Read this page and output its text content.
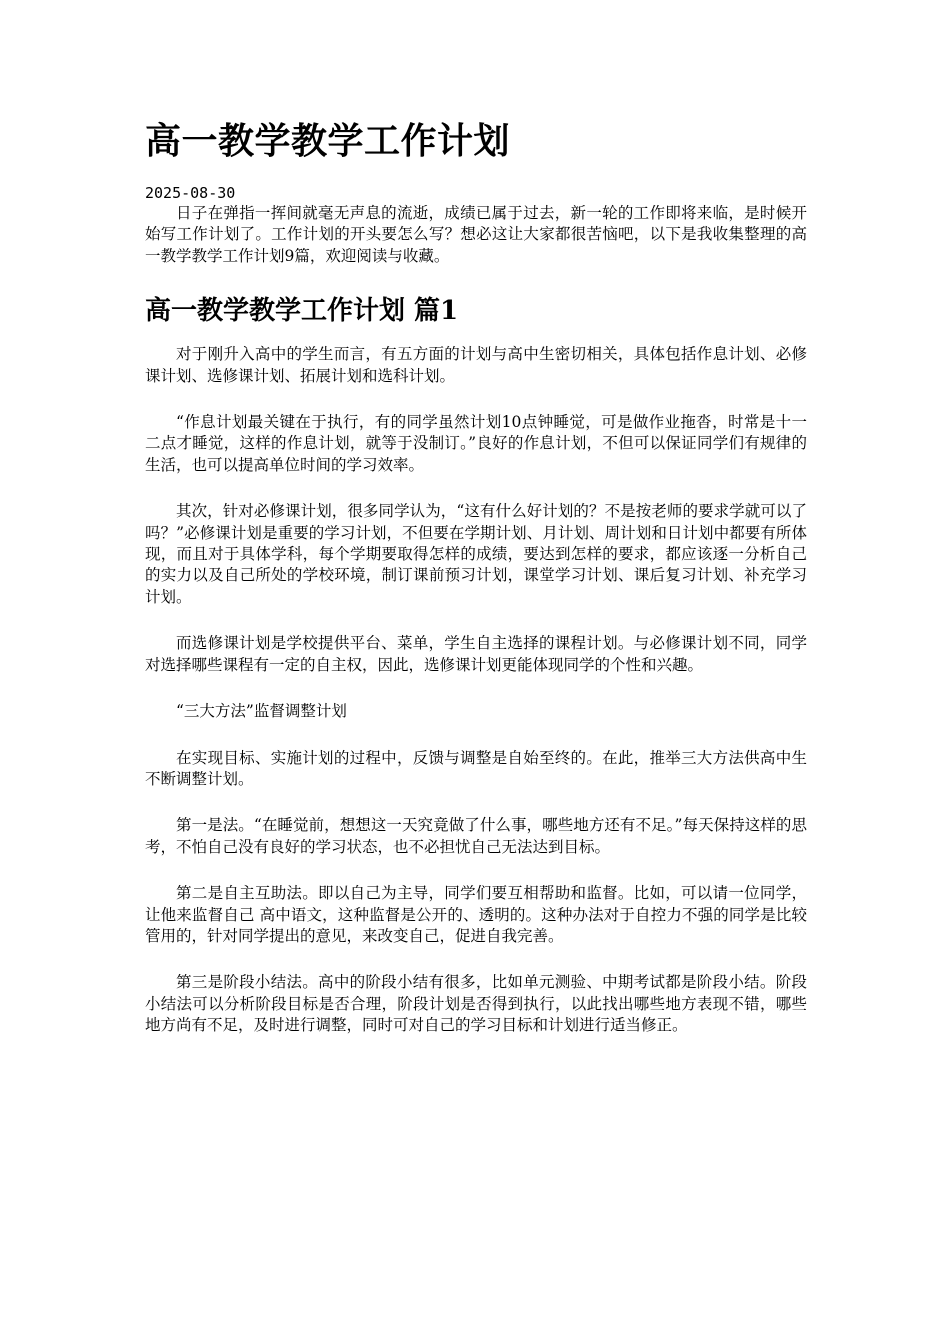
高一教学教学工作计划
2025-08-30

日子在弹指一挥间就毫无声息的流逝，成绩已属于过去，新一轮的工作即将来临，是时候开始写工作计划了。工作计划的开头要怎么写？想必这让大家都很苦恼吧，以下是我收集整理的高一教学教学工作计划9篇，欢迎阅读与收藏。

高一教学教学工作计划 篇1

对于刚升入高中的学生而言，有五方面的计划与高中生密切相关，具体包括作息计划、必修课计划、选修课计划、拓展计划和选科计划。

“作息计划最关键在于执行，有的同学虽然计划10点钟睡觉，可是做作业拖沓，时常是十一二点才睡觉，这样的作息计划，就等于没制订。”良好的作息计划，不但可以保证同学们有规律的生活，也可以提高单位时间的学习效率。

其次，针对必修课计划，很多同学认为，“这有什么好计划的？不是按老师的要求学就可以了吗？”必修课计划是重要的学习计划，不但要在学期计划、月计划、周计划和日计划中都要有所体现，而且对于具体学科，每个学期要取得怎样的成绩，要达到怎样的要求，都应该逐一分析自己的实力以及自己所处的学校环境，制订课前预习计划，课堂学习计划、课后复习计划、补充学习计划。

而选修课计划是学校提供平台、菜单，学生自主选择的课程计划。与必修课计划不同，同学对选择哪些课程有一定的自主权，因此，选修课计划更能体现同学的个性和兴趣。

“三大方法”监督调整计划

在实现目标、实施计划的过程中，反馈与调整是自始至终的。在此，推举三大方法供高中生不断调整计划。

第一是法。“在睡觉前，想想这一天究竟做了什么事，哪些地方还有不足。”每天保持这样的思考，不怕自己没有良好的学习状态，也不必担忧自己无法达到目标。

第二是自主互助法。即以自己为主导，同学们要互相帮助和监督。比如，可以请一位同学，让他来监督自己 高中语文，这种监督是公开的、透明的。这种办法对于自控力不强的同学是比较管用的，针对同学提出的意见，来改变自己，促进自我完善。

第三是阶段小结法。高中的阶段小结有很多，比如单元测验、中期考试都是阶段小结。阶段小结法可以分析阶段目标是否合理，阶段计划是否得到执行，以此找出哪些地方表现不错，哪些地方尚有不足，及时进行调整，同时可对自己的学习目标和计划进行适当修正。
